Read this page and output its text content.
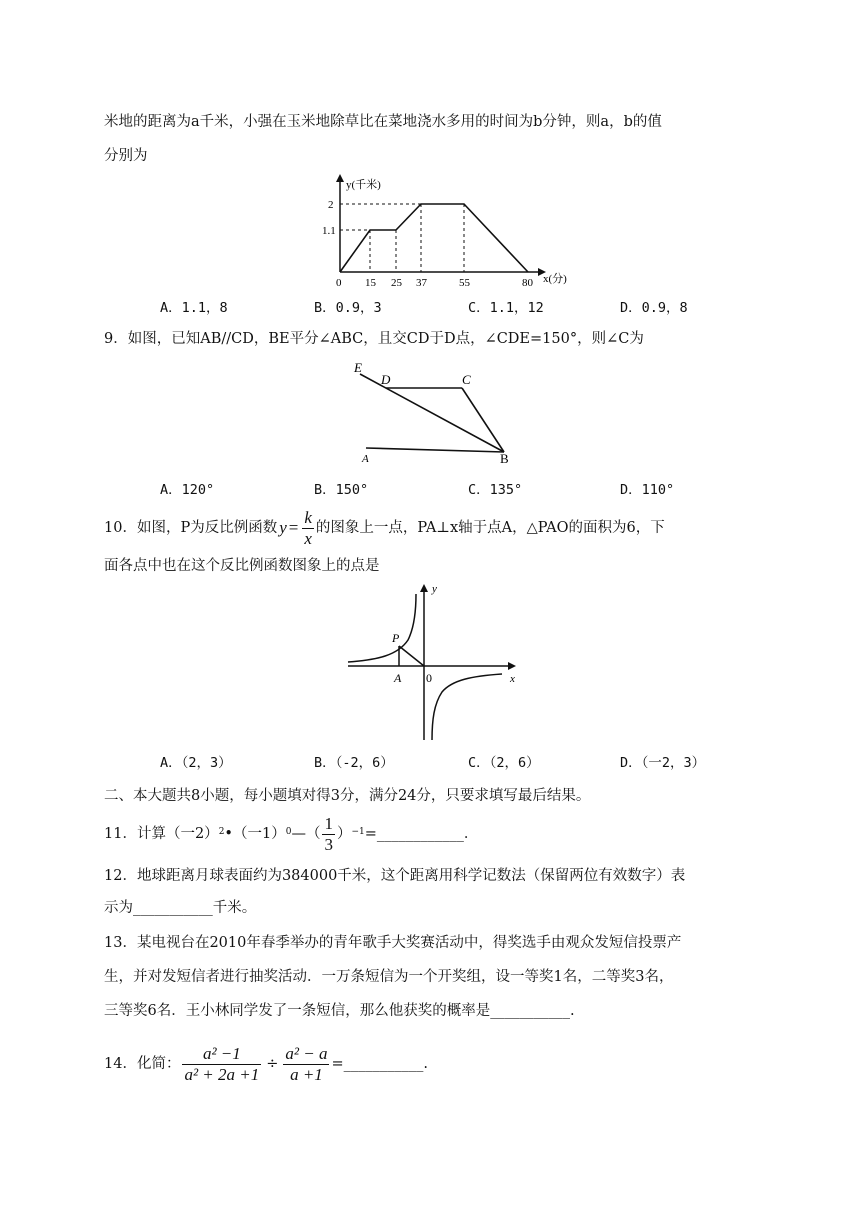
米地的距离为a千米，小强在玉米地除草比在菜地浇水多用的时间为b分钟，则a，b的值
分别为
y(千米)
x(分)
0
1.1
2
15 25 37	55	80
A．1.1，8	B．0.9，3	C．1.1，12	D．0.9，8
9．如图，已知AB//CD，BE平分∠ABC，且交CD于D点，∠CDE=150°，则∠C为
E
D	C
A	B
A．120°	B．150°	C．135°	D．110°
10．如图，P为反比例函数 $y = \frac{k}{x}$ 的图象上一点，PA⊥x轴于点A，△PAO的面积为6，下
面各点中也在这个反比例函数图象上的点是
P
A 0	x
y
A．（2，3）	B．（-2，6）	C．（2，6）	D．（一2，3）
二、本大题共8小题，每小题填对得3分，满分24分，只要求填写最后结果。
11．计算（一2） 2 •（一1） 0 —（ $\frac{1}{3}$ ） −1 =____________．
12．地球距离月球表面约为384000千米，这个距离用科学记数法（保留两位有效数字）表
示为___________千米。
13．某电视台在2010年春季举办的青年歌手大奖赛活动中，得奖选手由观众发短信投票产
生，并对发短信者进行抽奖活动．一万条短信为一个开奖组，设一等奖1名，二等奖3名，
三等奖6名．王小林同学发了一条短信，那么他获奖的概率是___________.
14．化简： $\frac{\text{a² −1}}{\text{a² + 2a +1}} \div \frac{\text{a² − a}}{a +1}$ =___________.
